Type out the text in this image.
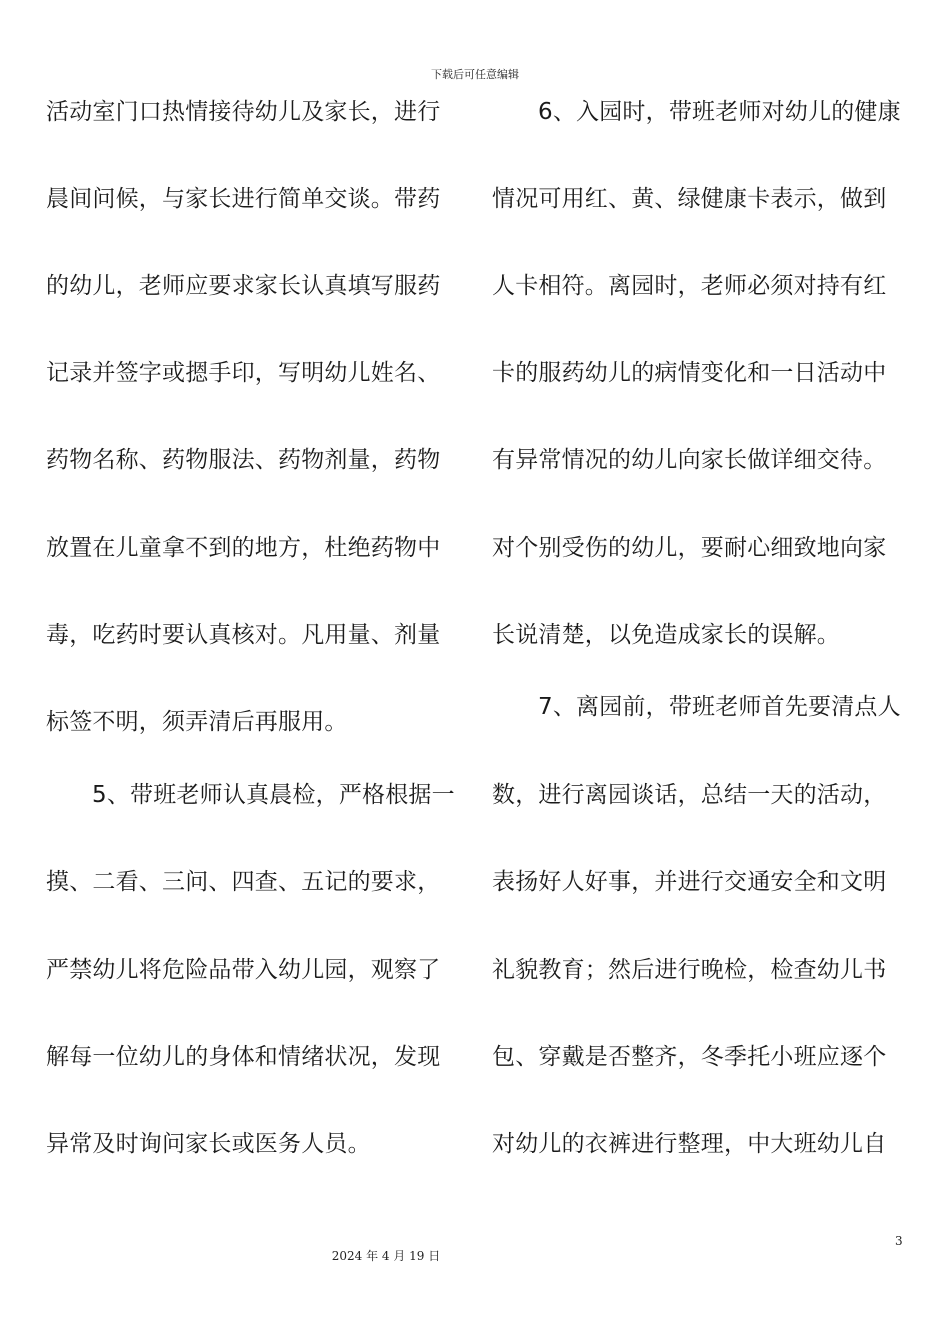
下载后可任意编辑
活动室门口热情接待幼儿及家长，进行
晨间问候，与家长进行简单交谈。带药
的幼儿，老师应要求家长认真填写服药
记录并签字或摁手印，写明幼儿姓名、
药物名称、药物服法、药物剂量，药物
放置在儿童拿不到的地方，杜绝药物中
毒，吃药时要认真核对。凡用量、剂量
标签不明，须弄清后再服用。
5、带班老师认真晨检，严格根据一
摸、二看、三问、四查、五记的要求，
严禁幼儿将危险品带入幼儿园，观察了
解每一位幼儿的身体和情绪状况，发现
异常及时询问家长或医务人员。
6、入园时，带班老师对幼儿的健康
情况可用红、黄、绿健康卡表示，做到
人卡相符。离园时，老师必须对持有红
卡的服药幼儿的病情变化和一日活动中
有异常情况的幼儿向家长做详细交待。
对个别受伤的幼儿，要耐心细致地向家
长说清楚，以免造成家长的误解。
7、离园前，带班老师首先要清点人
数，进行离园谈话，总结一天的活动，
表扬好人好事，并进行交通安全和文明
礼貌教育；然后进行晚检，检查幼儿书
包、穿戴是否整齐，冬季托小班应逐个
对幼儿的衣裤进行整理，中大班幼儿自
3
2024 年 4 月 19 日
